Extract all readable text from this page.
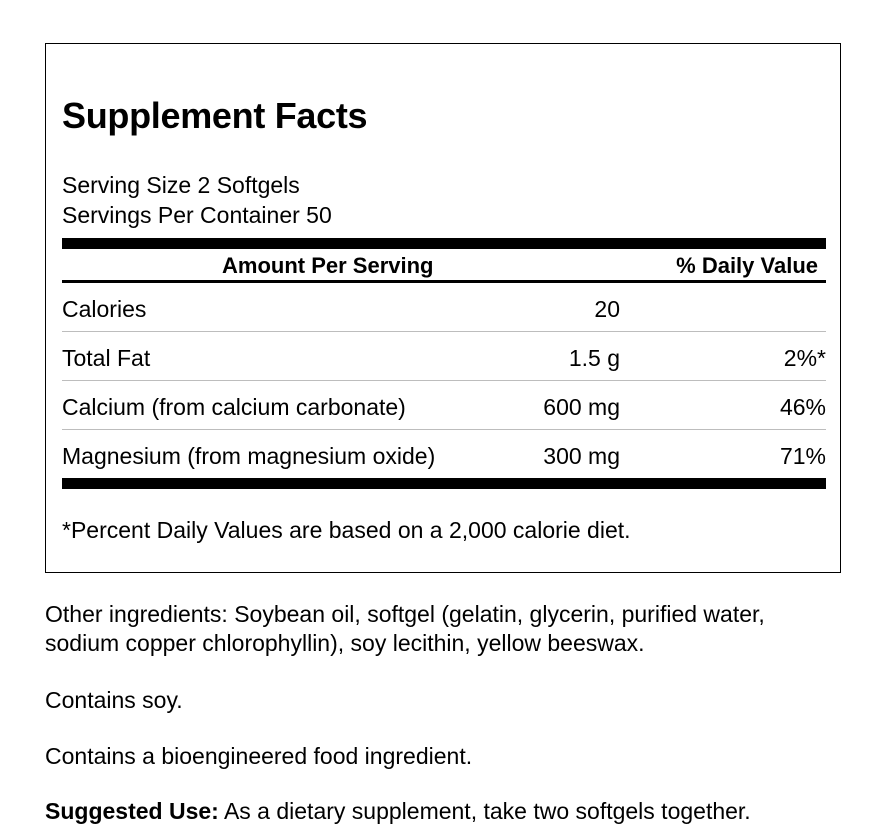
Supplement Facts
Serving Size 2 Softgels
Servings Per Container 50
Amount Per Serving	% Daily Value
Calories	20
Total Fat	1.5 g	2%*
Calcium (from calcium carbonate)	600 mg	46%
Magnesium (from magnesium oxide)	300 mg	71%
*Percent Daily Values are based on a 2,000 calorie diet.
Other ingredients: Soybean oil, softgel (gelatin, glycerin, purified water, sodium copper chlorophyllin), soy lecithin, yellow beeswax.
Contains soy.
Contains a bioengineered food ingredient.
Suggested Use: As a dietary supplement, take two softgels together.
